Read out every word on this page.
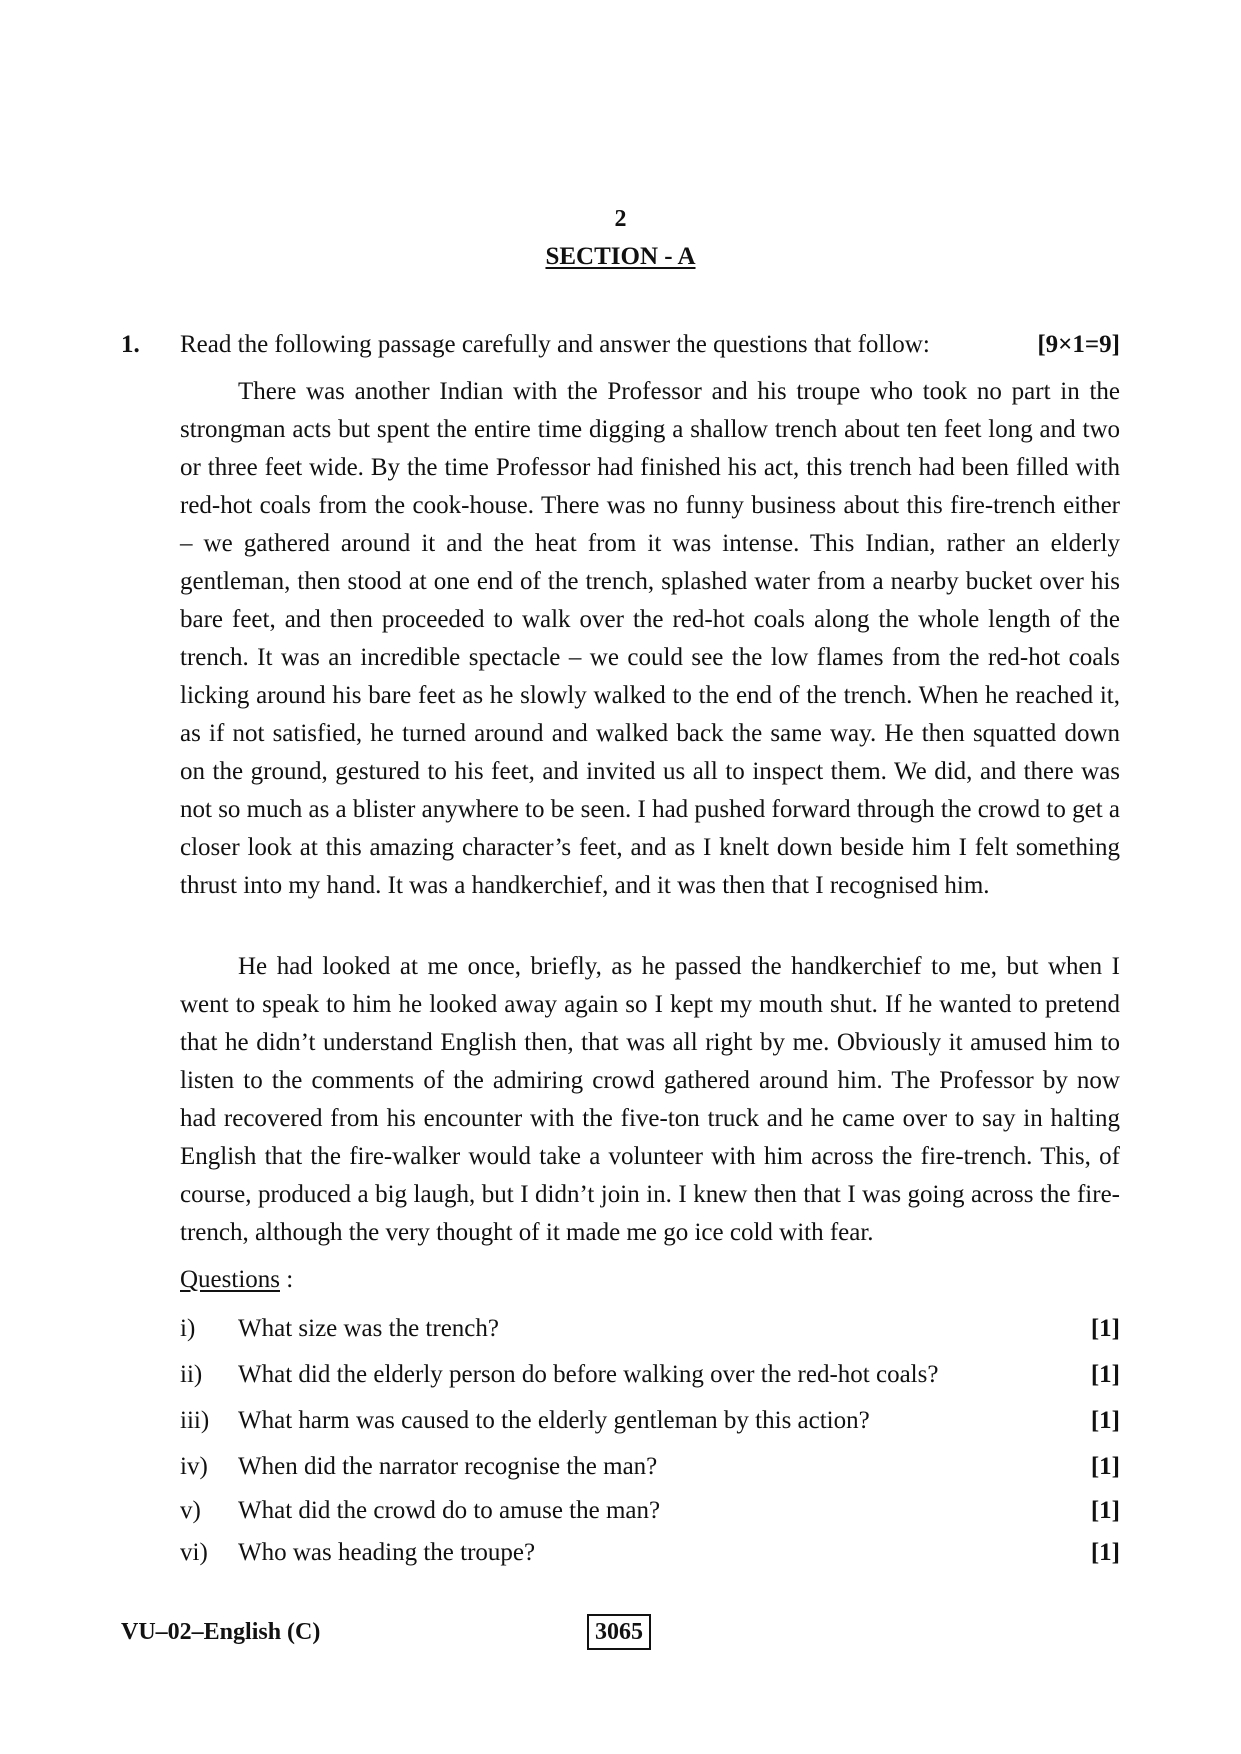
2
SECTION - A
1. Read the following passage carefully and answer the questions that follow:	[9×1=9]

There was another Indian with the Professor and his troupe who took no part in the strongman acts but spent the entire time digging a shallow trench about ten feet long and two or three feet wide. By the time Professor had finished his act, this trench had been filled with red-hot coals from the cook-house. There was no funny business about this fire-trench either – we gathered around it and the heat from it was intense. This Indian, rather an elderly gentleman, then stood at one end of the trench, splashed water from a nearby bucket over his bare feet, and then proceeded to walk over the red-hot coals along the whole length of the trench. It was an incredible spectacle – we could see the low flames from the red-hot coals licking around his bare feet as he slowly walked to the end of the trench. When he reached it, as if not satisfied, he turned around and walked back the same way. He then squatted down on the ground, gestured to his feet, and invited us all to inspect them. We did, and there was not so much as a blister anywhere to be seen. I had pushed forward through the crowd to get a closer look at this amazing character’s feet, and as I knelt down beside him I felt something thrust into my hand. It was a handkerchief, and it was then that I recognised him.

He had looked at me once, briefly, as he passed the handkerchief to me, but when I went to speak to him he looked away again so I kept my mouth shut. If he wanted to pretend that he didn’t understand English then, that was all right by me. Obviously it amused him to listen to the comments of the admiring crowd gathered around him. The Professor by now had recovered from his encounter with the five-ton truck and he came over to say in halting English that the fire-walker would take a volunteer with him across the fire-trench. This, of course, produced a big laugh, but I didn’t join in. I knew then that I was going across the fire-trench, although the very thought of it made me go ice cold with fear.

Questions :
i) What size was the trench?	[1]
ii) What did the elderly person do before walking over the red-hot coals?	[1]
iii) What harm was caused to the elderly gentleman by this action?	[1]
iv) When did the narrator recognise the man?	[1]
v) What did the crowd do to amuse the man?	[1]
vi) Who was heading the troupe?	[1]
VU–02–English (C)	3065
